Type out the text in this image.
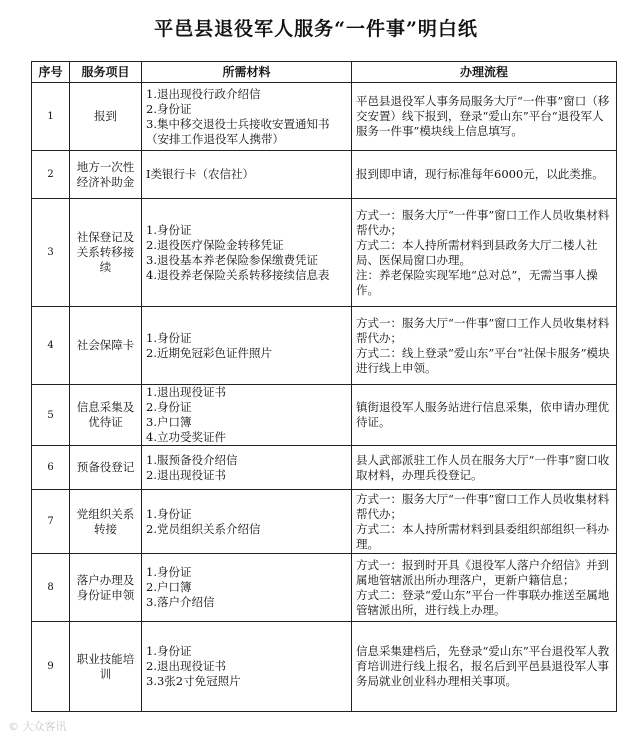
平邑县退役军人服务“一件事”明白纸
序号	服务项目	所需材料	办理流程
1	报到	1.退出现役行政介绍信
2.身份证
3.集中移交退役士兵接收安置通知书（安排工作退役军人携带）	平邑县退役军人事务局服务大厅“一件事”窗口（移交安置）线下报到，登录“爱山东”平台“退役军人服务一件事”模块线上信息填写。

2	地方一次性经济补助金	I类银行卡（农信社）	报到即申请，现行标准每年6000元，以此类推。

3	社保登记及关系转移接续	1.身份证
2.退役医疗保险金转移凭证
3.退役基本养老保险参保缴费凭证
4.退役养老保险关系转移接续信息表	方式一：服务大厅“一件事”窗口工作人员收集材料帮代办；
方式二：本人持所需材料到县政务大厅二楼人社局、医保局窗口办理。
注：养老保险实现军地“总对总”，无需当事人操作。

4	社会保障卡	1.身份证
2.近期免冠彩色证件照片	方式一：服务大厅“一件事”窗口工作人员收集材料帮代办；
方式二：线上登录“爱山东”平台“社保卡服务”模块进行线上申领。

5	信息采集及优待证	1.退出现役证书
2.身份证
3.户口簿
4.立功受奖证件	镇街退役军人服务站进行信息采集，依申请办理优待证。

6	预备役登记	1.服预备役介绍信
2.退出现役证书	县人武部派驻工作人员在服务大厅“一件事”窗口收取材料，办理兵役登记。

7	党组织关系转接	1.身份证
2.党员组织关系介绍信	方式一：服务大厅“一件事”窗口工作人员收集材料帮代办；
方式二：本人持所需材料到县委组织部组织一科办理。

8	落户办理及身份证申领	1.身份证
2.户口簿
3.落户介绍信	方式一：报到时开具《退役军人落户介绍信》并到属地管辖派出所办理落户，更新户籍信息；
方式二：登录“爱山东”平台一件事联办推送至属地管辖派出所，进行线上办理。

9	职业技能培训	1.身份证
2.退出现役证书
3.3张2寸免冠照片	信息采集建档后，先登录“爱山东”平台退役军人教育培训进行线上报名，报名后到平邑县退役军人事务局就业创业科办理相关事项。
© 大众客讯
